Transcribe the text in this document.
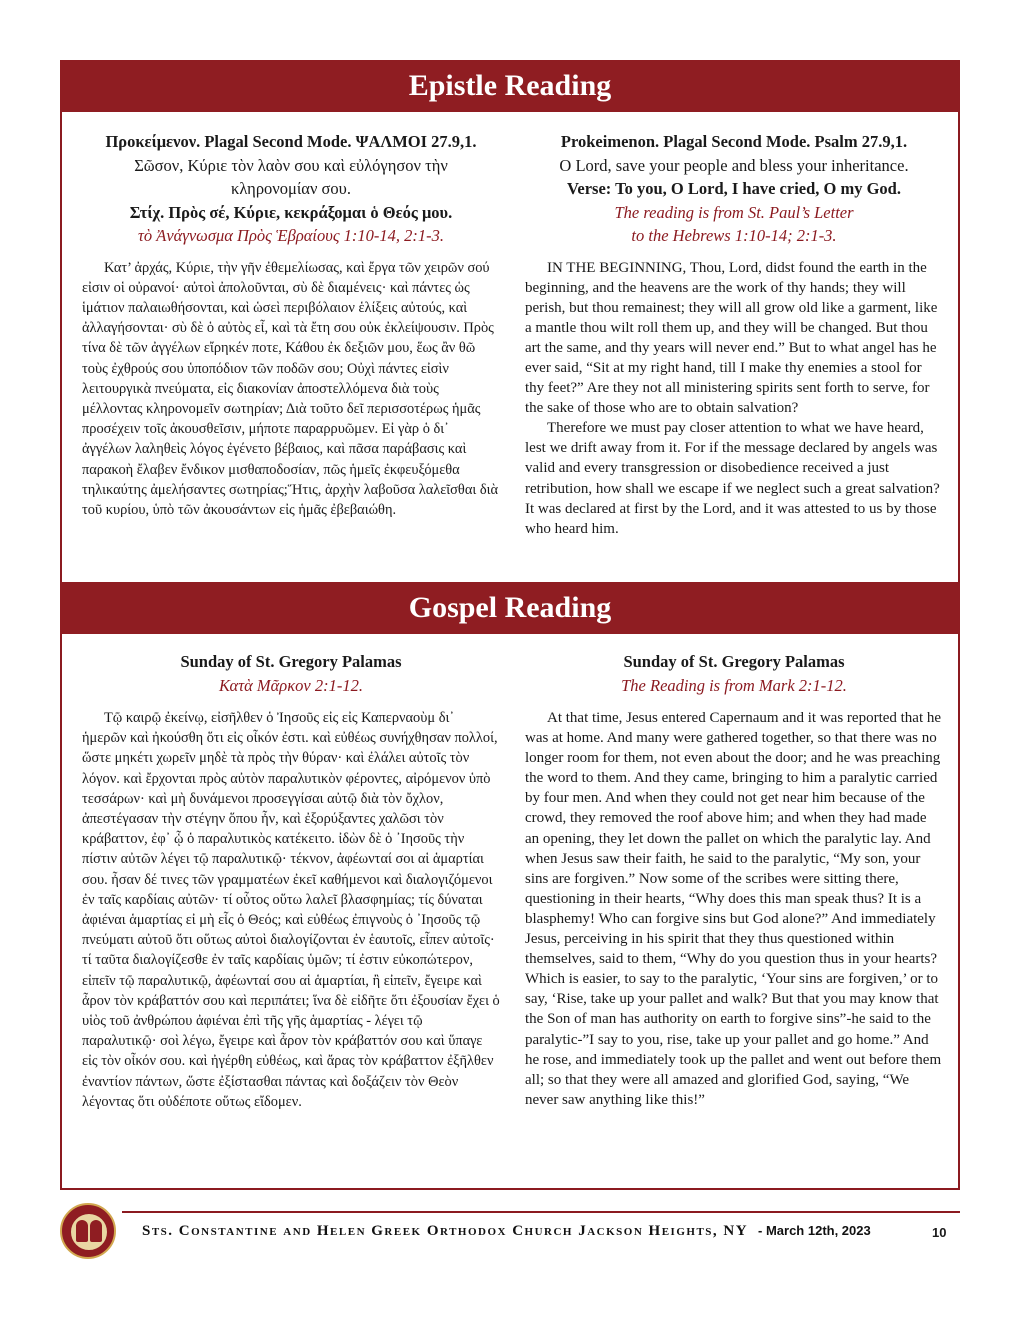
Epistle Reading
Προκείμενον. Plagal Second Mode. ΨΑΛΜΟΙ 27.9,1.
Σῶσον, Κύριε τὸν λαὸν σου καὶ εὐλόγησον τὴν
κληρονομίαν σου.
Στίχ. Πρὸς σέ, Κύριε, κεκράξομαι ὁ Θεός μου.
τὸ Ἀνάγνωσμα Πρὸς Ἑβραίους 1:10-14, 2:1-3.

Κατ’ ἀρχάς, Κύριε, τὴν γῆν ἐθεμελίωσας, καὶ ἔργα τῶν χειρῶν σού εἰσιν οἱ οὐρανοί· αὐτοὶ ἀπολοῦνται, σὺ δὲ διαμένεις· καὶ πάντες ὡς ἱμάτιον παλαιωθήσονται, καὶ ὡσεὶ περιβόλαιον ἑλίξεις αὐτούς, καὶ ἀλλαγήσονται· σὺ δὲ ὁ αὐτὸς εἶ, καὶ τὰ ἔτη σου οὐκ ἐκλείψουσιν. Πρὸς τίνα δὲ τῶν ἀγγέλων εἴρηκέν ποτε, Κάθου ἐκ δεξιῶν μου, ἕως ἂν θῶ τοὺς ἐχθρούς σου ὑποπόδιον τῶν ποδῶν σου; Οὐχὶ πάντες εἰσὶν λειτουργικὰ πνεύματα, εἰς διακονίαν ἀποστελλόμενα διὰ τοὺς μέλλοντας κληρονομεῖν σωτηρίαν; Διὰ τοῦτο δεῖ περισσοτέρως ἡμᾶς προσέχειν τοῖς ἀκουσθεῖσιν, μήποτε παραρρυῶμεν. Εἰ γὰρ ὁ δι᾽ ἀγγέλων λαληθεὶς λόγος ἐγένετο βέβαιος, καὶ πᾶσα παράβασις καὶ παρακοὴ ἔλαβεν ἔνδικον μισθαποδοσίαν, πῶς ἡμεῖς ἐκφευξόμεθα τηλικαύτης ἀμελήσαντες σωτηρίας;Ἥτις, ἀρχὴν λαβοῦσα λαλεῖσθαι διὰ τοῦ κυρίου, ὑπὸ τῶν ἀκουσάντων εἰς ἡμᾶς ἐβεβαιώθη.

Prokeimenon. Plagal Second Mode. Psalm 27.9,1.
O Lord, save your people and bless your inheritance.
Verse: To you, O Lord, I have cried, O my God.
The reading is from St. Paul’s Letter
to the Hebrews 1:10-14; 2:1-3.

IN THE BEGINNING, Thou, Lord, didst found the earth in the beginning, and the heavens are the work of thy hands; they will perish, but thou remainest; they will all grow old like a garment, like a mantle thou wilt roll them up, and they will be changed. But thou art the same, and thy years will never end.” But to what angel has he ever said, “Sit at my right hand, till I make thy enemies a stool for thy feet?” Are they not all ministering spirits sent forth to serve, for the sake of those who are to obtain salvation?

Therefore we must pay closer attention to what we have heard, lest we drift away from it. For if the message declared by angels was valid and every transgression or disobedience received a just retribution, how shall we escape if we neglect such a great salvation? It was declared at first by the Lord, and it was attested to us by those who heard him.

Gospel Reading
Sunday of St. Gregory Palamas
Κατὰ Μᾶρκον 2:1-12.

Τῷ καιρῷ ἐκείνῳ, εἰσῆλθεν ὁ Ἰησοῦς εἰς εἰς Καπερναοὺμ δι᾽ ἡμερῶν καὶ ἠκούσθη ὅτι εἰς οἶκόν ἐστι. καὶ εὐθέως συνήχθησαν πολλοί, ὥστε μηκέτι χωρεῖν μηδὲ τὰ πρὸς τὴν θύραν· καὶ ἐλάλει αὐτοῖς τὸν λόγον. καὶ ἔρχονται πρὸς αὐτὸν παραλυτικὸν φέροντες, αἰρόμενον ὑπὸ τεσσάρων· καὶ μὴ δυνάμενοι προσεγγίσαι αὐτῷ διὰ τὸν ὄχλον, ἀπεστέγασαν τὴν στέγην ὅπου ἦν, καὶ ἐξορύξαντες χαλῶσι τὸν κράβαττον, ἐφ᾽ ᾧ ὁ παραλυτικὸς κατέκειτο. ἰδὼν δὲ ὁ ᾿Ιησοῦς τὴν πίστιν αὐτῶν λέγει τῷ παραλυτικῷ· τέκνον, ἀφέωνταί σοι αἱ ἁμαρτίαι σου. ἦσαν δέ τινες τῶν γραμματέων ἐκεῖ καθήμενοι καὶ διαλογιζόμενοι ἐν ταῖς καρδίαις αὐτῶν· τί οὗτος οὕτω λαλεῖ βλασφημίας; τίς δύναται ἀφιέναι ἁμαρτίας εἰ μὴ εἷς ὁ Θεός; καὶ εὐθέως ἐπιγνοὺς ὁ ᾿Ιησοῦς τῷ πνεύματι αὐτοῦ ὅτι οὕτως αὐτοὶ διαλογίζονται ἐν ἑαυτοῖς, εἶπεν αὐτοῖς· τί ταῦτα διαλογίζεσθε ἐν ταῖς καρδίαις ὑμῶν; τί ἐστιν εὐκοπώτερον, εἰπεῖν τῷ παραλυτικῷ, ἀφέωνταί σου αἱ ἁμαρτίαι, ἢ εἰπεῖν, ἔγειρε καὶ ἆρον τὸν κράβαττόν σου καὶ περιπάτει; ἵνα δὲ εἰδῆτε ὅτι ἐξουσίαν ἔχει ὁ υἱὸς τοῦ ἀνθρώπου ἀφιέναι ἐπὶ τῆς γῆς ἁμαρτίας - λέγει τῷ παραλυτικῷ· σοὶ λέγω, ἔγειρε καὶ ἆρον τὸν κράβαττόν σου καὶ ὕπαγε εἰς τὸν οἶκόν σου. καὶ ἠγέρθη εὐθέως, καὶ ἄρας τὸν κράβαττον ἐξῆλθεν ἐναντίον πάντων, ὥστε ἐξίστασθαι πάντας καὶ δοξάζειν τὸν Θεὸν λέγοντας ὅτι οὐδέποτε οὕτως εἴδομεν.

Sunday of St. Gregory Palamas
The Reading is from Mark 2:1-12.

At that time, Jesus entered Capernaum and it was reported that he was at home. And many were gathered together, so that there was no longer room for them, not even about the door; and he was preaching the word to them. And they came, bringing to him a paralytic carried by four men. And when they could not get near him because of the crowd, they removed the roof above him; and when they had made an opening, they let down the pallet on which the paralytic lay. And when Jesus saw their faith, he said to the paralytic, “My son, your sins are forgiven.” Now some of the scribes were sitting there, questioning in their hearts, “Why does this man speak thus? It is a blasphemy! Who can forgive sins but God alone?” And immediately Jesus, perceiving in his spirit that they thus questioned within themselves, said to them, “Why do you question thus in your hearts? Which is easier, to say to the paralytic, ‘Your sins are forgiven,’ or to say, ‘Rise, take up your pallet and walk? But that you may know that the Son of man has authority on earth to forgive sins”-he said to the paralytic-”I say to you, rise, take up your pallet and go home.” And he rose, and immediately took up the pallet and went out before them all; so that they were all amazed and glorified God, saying, “We never saw anything like this!”

Sts. Constantine and Helen Greek Orthodox Church Jackson Heights, NY - March 12th, 2023	10
